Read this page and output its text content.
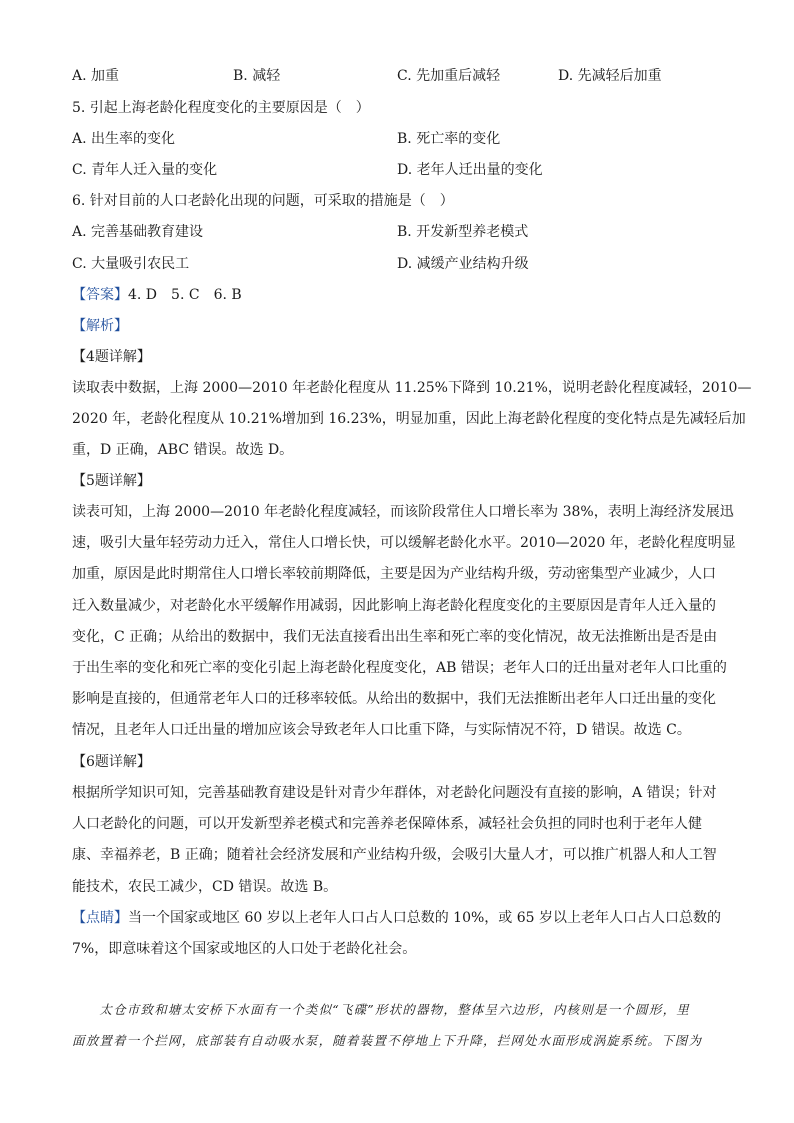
A. 加重	B. 减轻	C. 先加重后减轻	D. 先减轻后加重
5. 引起上海老龄化程度变化的主要原因是（　）
A. 出生率的变化	B. 死亡率的变化
C. 青年人迁入量的变化	D. 老年人迁出量的变化
6. 针对目前的人口老龄化出现的问题，可采取的措施是（　）
A. 完善基础教育建设	B. 开发新型养老模式
C. 大量吸引农民工	D. 减缓产业结构升级
【答案】4. D 5. C 6. B
【解析】
【4题详解】
读取表中数据，上海 2000—2010 年老龄化程度从 11.25%下降到 10.21%，说明老龄化程度减轻，2010—
2020 年，老龄化程度从 10.21%增加到 16.23%，明显加重，因此上海老龄化程度的变化特点是先减轻后加
重，D 正确，ABC 错误。故选 D。
【5题详解】
读表可知，上海 2000—2010 年老龄化程度减轻，而该阶段常住人口增长率为 38%，表明上海经济发展迅
速，吸引大量年轻劳动力迁入，常住人口增长快，可以缓解老龄化水平。2010—2020 年，老龄化程度明显
加重，原因是此时期常住人口增长率较前期降低，主要是因为产业结构升级，劳动密集型产业减少，人口
迁入数量减少，对老龄化水平缓解作用减弱，因此影响上海老龄化程度变化的主要原因是青年人迁入量的
变化，C 正确；从给出的数据中，我们无法直接看出出生率和死亡率的变化情况，故无法推断出是否是由
于出生率的变化和死亡率的变化引起上海老龄化程度变化，AB 错误；老年人口的迁出量对老年人口比重的
影响是直接的，但通常老年人口的迁移率较低。从给出的数据中，我们无法推断出老年人口迁出量的变化
情况，且老年人口迁出量的增加应该会导致老年人口比重下降，与实际情况不符，D 错误。故选 C。
【6题详解】
根据所学知识可知，完善基础教育建设是针对青少年群体，对老龄化问题没有直接的影响，A 错误；针对
人口老龄化的问题，可以开发新型养老模式和完善养老保障体系，减轻社会负担的同时也利于老年人健
康、幸福养老，B 正确；随着社会经济发展和产业结构升级，会吸引大量人才，可以推广机器人和人工智
能技术，农民工减少，CD 错误。故选 B。
【点睛】当一个国家或地区 60 岁以上老年人口占人口总数的 10%，或 65 岁以上老年人口占人口总数的
7%，即意味着这个国家或地区的人口处于老龄化社会。
　　太仓市致和塘太安桥下水面有一个类似“飞碟”形状的器物，整体呈六边形，内核则是一个圆形，里
面放置着一个拦网，底部装有自动吸水泵，随着装置不停地上下升降，拦网处水面形成涡旋系统。下图为
